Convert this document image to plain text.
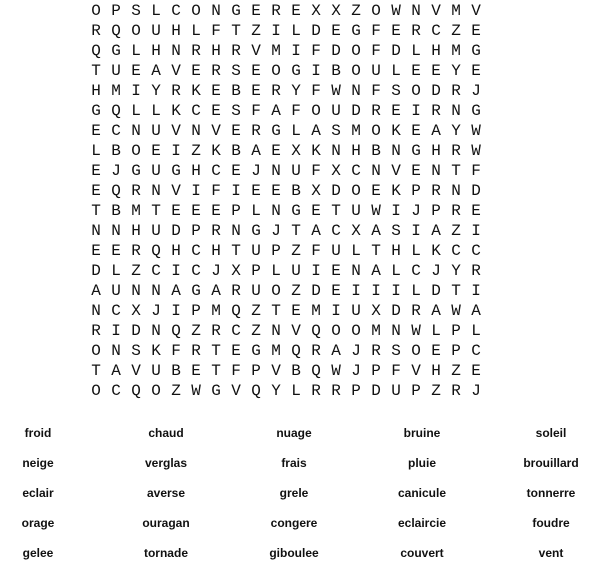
O P S L C O N G E R E X X Z O W N V M V
R Q O U H L F T Z I L D E G F E R C Z E
Q G L H N R H R V M I F D O F D L H M G
T U E A V E R S E O G I B O U L E E Y E
H M I Y R K E B E R Y F W N F S O D R J
G Q L L K C E S F A F O U D R E I R N G
E C N U V N V E R G L A S M O K E A Y W
L B O E I Z K B A E X K N H B N G H R W
E J G U G H C E J N U F X C N V E N T F
E Q R N V I F I E E B X D O E K P R N D
T B M T E E E P L N G E T U W I J P R E
N N H U D P R N G J T A C X A S I A Z I
E E R Q H C H T U P Z F U L T H L K C C
D L Z C I C J X P L U I E N A L C J Y R
A U N N A G A R U O Z D E I I I L D T I
N C X J I P M Q Z T E M I U X D R A W A
R I D N Q Z R C Z N V Q O O M N W L P L
O N S K F R T E G M Q R A J R S O E P C
T A V U B E T F P V B Q W J P F V H Z E
O C Q O Z W G V Q Y L R R P D U P Z R J
froid	chaud	nuage	bruine	soleil
neige	verglas	frais	pluie	brouillard
eclair	averse	grele	canicule	tonnerre
orage	ouragan	congere	eclaircie	foudre
gelee	tornade	giboulee	couvert	vent
